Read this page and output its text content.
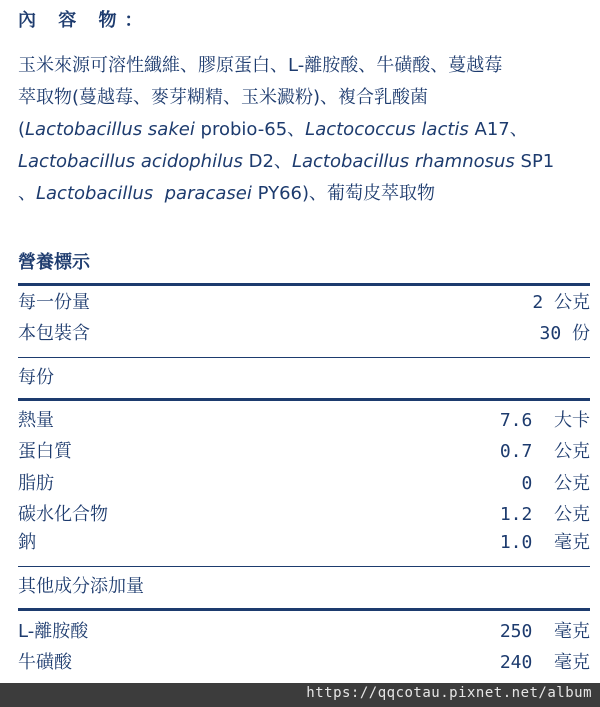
內 容 物：

玉米來源可溶性纖維、膠原蛋白、L-離胺酸、牛磺酸、蔓越莓

萃取物(蔓越莓、麥芽糊精、玉米澱粉)、複合乳酸菌

(Lactobacillus sakei probio-65、Lactococcus lactis A17、

Lactobacillus acidophilus D2、Lactobacillus rhamnosus SP1

、Lactobacillus  paracasei PY66)、葡萄皮萃取物

營養標示
每一份量	2 公克
本包裝含	30 份
每份
熱量	7.6  大卡
蛋白質	0.7  公克
脂肪	0  公克
碳水化合物	1.2  公克
鈉	1.0  毫克
其他成分添加量
L-離胺酸	250  毫克
牛磺酸	240  毫克
https://qqcotau.pixnet.net/album
